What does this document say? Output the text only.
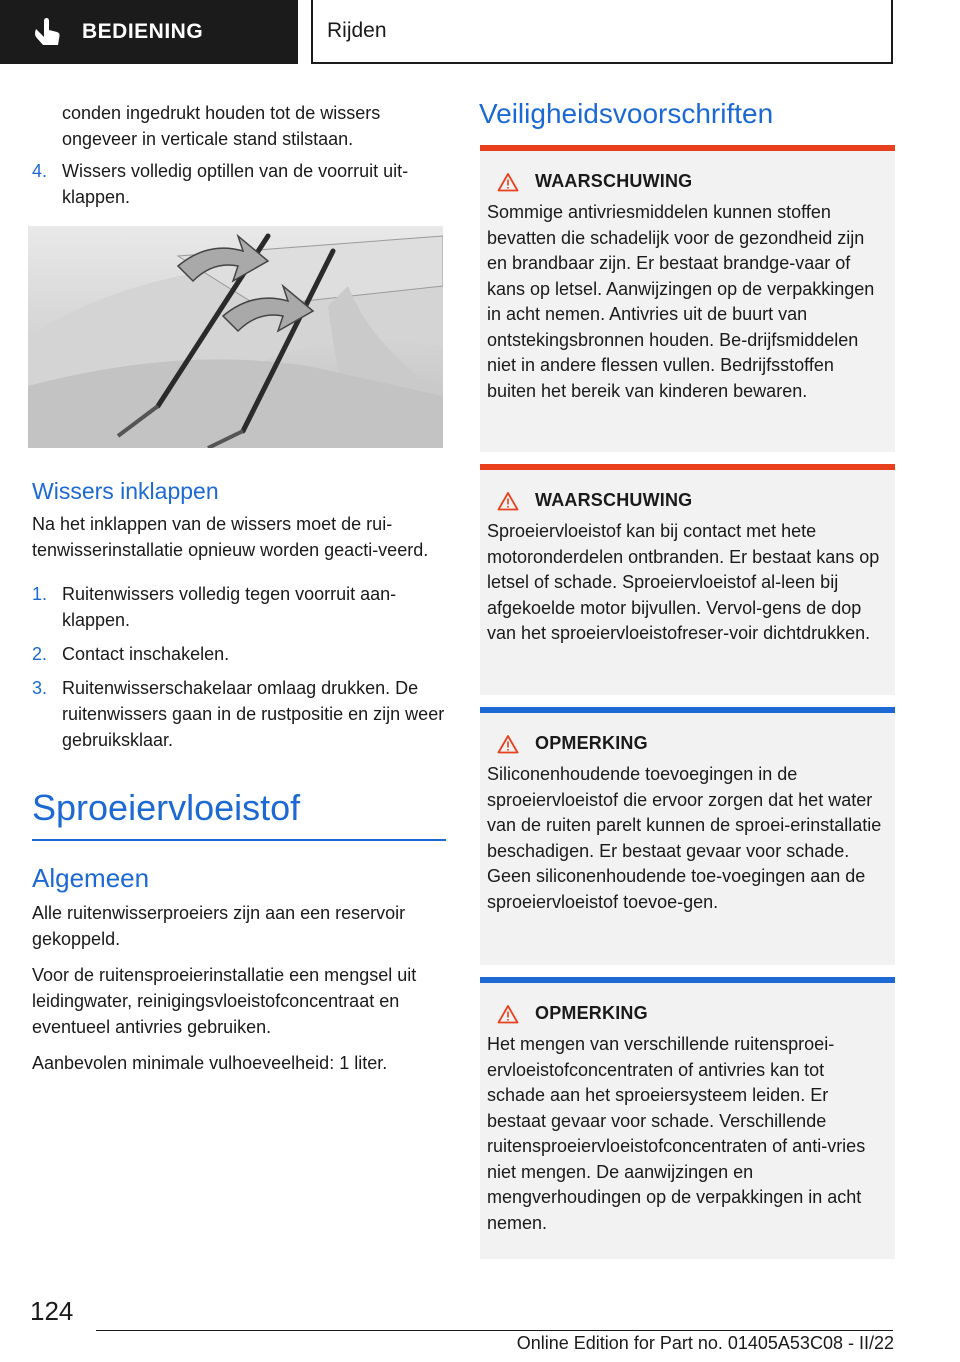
BEDIENING	Rijden

conden ingedrukt houden tot de wissers ongeveer in verticale stand stilstaan.

4. Wissers volledig optillen van de voorruit uit-klappen.
Wissers inklappen

Na het inklappen van de wissers moet de rui-tenwisserinstallatie opnieuw worden geacti-veerd.

1. Ruitenwissers volledig tegen voorruit aan-klappen.
2. Contact inschakelen.
3. Ruitenwisserschakelaar omlaag drukken. De ruitenwissers gaan in de rustpositie en zijn weer gebruiksklaar.
Sproeiervloeistof
Algemeen

Alle ruitenwisserproeiers zijn aan een reservoir gekoppeld.

Voor de ruitensproeierinstallatie een mengsel uit leidingwater, reinigingsvloeistofconcentraat en eventueel antivries gebruiken.

Aanbevolen minimale vulhoeveelheid: 1 liter.

Veiligheidsvoorschriften
WAARSCHUWING
Sommige antivriesmiddelen kunnen stoffen bevatten die schadelijk voor de gezondheid zijn en brandbaar zijn. Er bestaat brandge-vaar of kans op letsel. Aanwijzingen op de verpakkingen in acht nemen. Antivries uit de buurt van ontstekingsbronnen houden. Be-drijfsmiddelen niet in andere flessen vullen. Bedrijfsstoffen buiten het bereik van kinderen bewaren.
WAARSCHUWING
Sproeiervloeistof kan bij contact met hete motoronderdelen ontbranden. Er bestaat kans op letsel of schade. Sproeiervloeistof al-leen bij afgekoelde motor bijvullen. Vervol-gens de dop van het sproeiervloeistofreser-voir dichtdrukken.
OPMERKING
Siliconenhoudende toevoegingen in de sproeiervloeistof die ervoor zorgen dat het water van de ruiten parelt kunnen de sproei-erinstallatie beschadigen. Er bestaat gevaar voor schade. Geen siliconenhoudende toe-voegingen aan de sproeiervloeistof toevoe-gen.
OPMERKING
Het mengen van verschillende ruitensproei-ervloeistofconcentraten of antivries kan tot schade aan het sproeiersysteem leiden. Er bestaat gevaar voor schade. Verschillende ruitensproeiervloeistofconcentraten of anti-vries niet mengen. De aanwijzingen en mengverhoudingen op de verpakkingen in acht nemen.
124
Online Edition for Part no. 01405A53C08 - II/22
